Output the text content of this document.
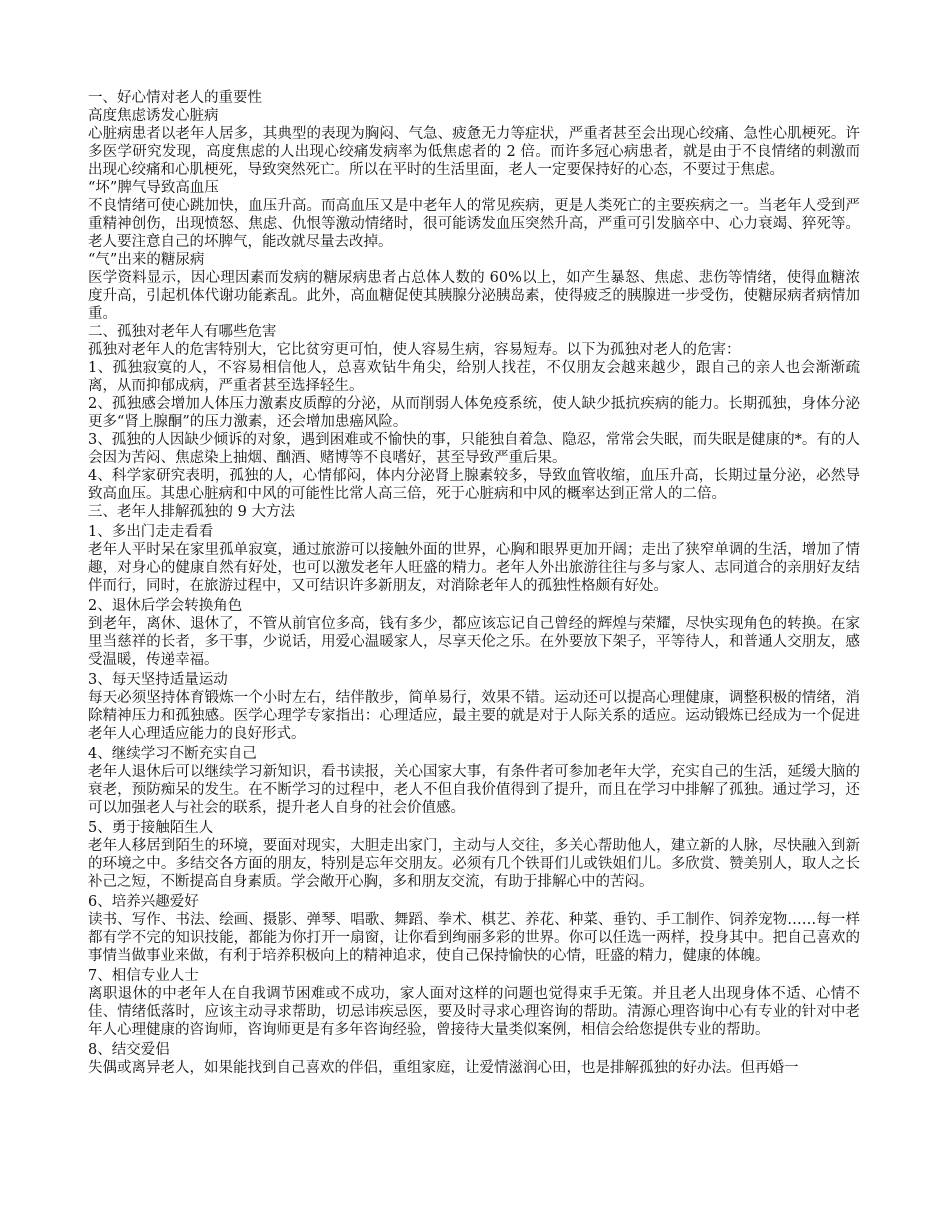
一、好心情对老人的重要性

高度焦虑诱发心脏病

心脏病患者以老年人居多，其典型的表现为胸闷、气急、疲惫无力等症状，严重者甚至会出现心绞痛、急性心肌梗死。许多医学研究发现，高度焦虑的人出现心绞痛发病率为低焦虑者的 2 倍。而许多冠心病患者，就是由于不良情绪的刺激而出现心绞痛和心肌梗死，导致突然死亡。所以在平时的生活里面，老人一定要保持好的心态，不要过于焦虑。

“坏”脾气导致高血压

不良情绪可使心跳加快，血压升高。而高血压又是中老年人的常见疾病，更是人类死亡的主要疾病之一。当老年人受到严重精神创伤，出现愤怒、焦虑、仇恨等激动情绪时，很可能诱发血压突然升高，严重可引发脑卒中、心力衰竭、猝死等。老人要注意自己的坏脾气，能改就尽量去改掉。

“气”出来的糖尿病

医学资料显示，因心理因素而发病的糖尿病患者占总体人数的 60%以上，如产生暴怒、焦虑、悲伤等情绪，使得血糖浓度升高，引起机体代谢功能紊乱。此外，高血糖促使其胰腺分泌胰岛素，使得疲乏的胰腺进一步受伤，使糖尿病者病情加重。

二、孤独对老年人有哪些危害

孤独对老年人的危害特别大，它比贫穷更可怕，使人容易生病，容易短寿。以下为孤独对老人的危害：

1、孤独寂寞的人，不容易相信他人，总喜欢钻牛角尖，给别人找茬，不仅朋友会越来越少，跟自己的亲人也会渐渐疏离，从而抑郁成病，严重者甚至选择轻生。

2、孤独感会增加人体压力激素皮质醇的分泌，从而削弱人体免疫系统，使人缺少抵抗疾病的能力。长期孤独，身体分泌更多“肾上腺酮”的压力激素，还会增加患癌风险。

3、孤独的人因缺少倾诉的对象，遇到困难或不愉快的事，只能独自着急、隐忍，常常会失眠，而失眠是健康的*。有的人会因为苦闷、焦虑染上抽烟、酗酒、赌博等不良嗜好，甚至导致严重后果。

4、科学家研究表明，孤独的人，心情郁闷，体内分泌肾上腺素较多，导致血管收缩，血压升高，长期过量分泌，必然导致高血压。其患心脏病和中风的可能性比常人高三倍，死于心脏病和中风的概率达到正常人的二倍。

三、老年人排解孤独的 9 大方法

1、多出门走走看看

老年人平时呆在家里孤单寂寞，通过旅游可以接触外面的世界，心胸和眼界更加开阔；走出了狭窄单调的生活，增加了情趣，对身心的健康自然有好处，也可以激发老年人旺盛的精力。老年人外出旅游往往与多与家人、志同道合的亲朋好友结伴而行，同时，在旅游过程中，又可结识许多新朋友，对消除老年人的孤独性格颇有好处。

2、退休后学会转换角色

到老年，离休、退休了，不管从前官位多高，钱有多少，都应该忘记自己曾经的辉煌与荣耀，尽快实现角色的转换。在家里当慈祥的长者，多干事，少说话，用爱心温暖家人，尽享天伦之乐。在外要放下架子，平等待人，和普通人交朋友，感受温暖，传递幸福。

3、每天坚持适量运动

每天必须坚持体育锻炼一个小时左右，结伴散步，简单易行，效果不错。运动还可以提高心理健康，调整积极的情绪，消除精神压力和孤独感。医学心理学专家指出：心理适应，最主要的就是对于人际关系的适应。运动锻炼已经成为一个促进老年人心理适应能力的良好形式。

4、继续学习不断充实自己

老年人退休后可以继续学习新知识，看书读报，关心国家大事，有条件者可参加老年大学，充实自己的生活，延缓大脑的衰老，预防痴呆的发生。在不断学习的过程中，老人不但自我价值得到了提升，而且在学习中排解了孤独。通过学习，还可以加强老人与社会的联系，提升老人自身的社会价值感。

5、勇于接触陌生人

老年人移居到陌生的环境，要面对现实，大胆走出家门，主动与人交往，多关心帮助他人，建立新的人脉，尽快融入到新的环境之中。多结交各方面的朋友，特别是忘年交朋友。必须有几个铁哥们儿或铁姐们儿。多欣赏、赞美别人，取人之长补己之短，不断提高自身素质。学会敞开心胸，多和朋友交流，有助于排解心中的苦闷。

6、培养兴趣爱好

读书、写作、书法、绘画、摄影、弹琴、唱歌、舞蹈、拳术、棋艺、养花、种菜、垂钓、手工制作、饲养宠物……每一样都有学不完的知识技能，都能为你打开一扇窗，让你看到绚丽多彩的世界。你可以任选一两样，投身其中。把自己喜欢的事情当做事业来做，有利于培养积极向上的精神追求，使自己保持愉快的心情，旺盛的精力，健康的体魄。

7、相信专业人士

离职退休的中老年人在自我调节困难或不成功，家人面对这样的问题也觉得束手无策。并且老人出现身体不适、心情不佳、情绪低落时，应该主动寻求帮助，切忌讳疾忌医，要及时寻求心理咨询的帮助。清源心理咨询中心有专业的针对中老年人心理健康的咨询师，咨询师更是有多年咨询经验，曾接待大量类似案例，相信会给您提供专业的帮助。

8、结交爱侣

失偶或离异老人，如果能找到自己喜欢的伴侣，重组家庭，让爱情滋润心田，也是排解孤独的好办法。但再婚一
